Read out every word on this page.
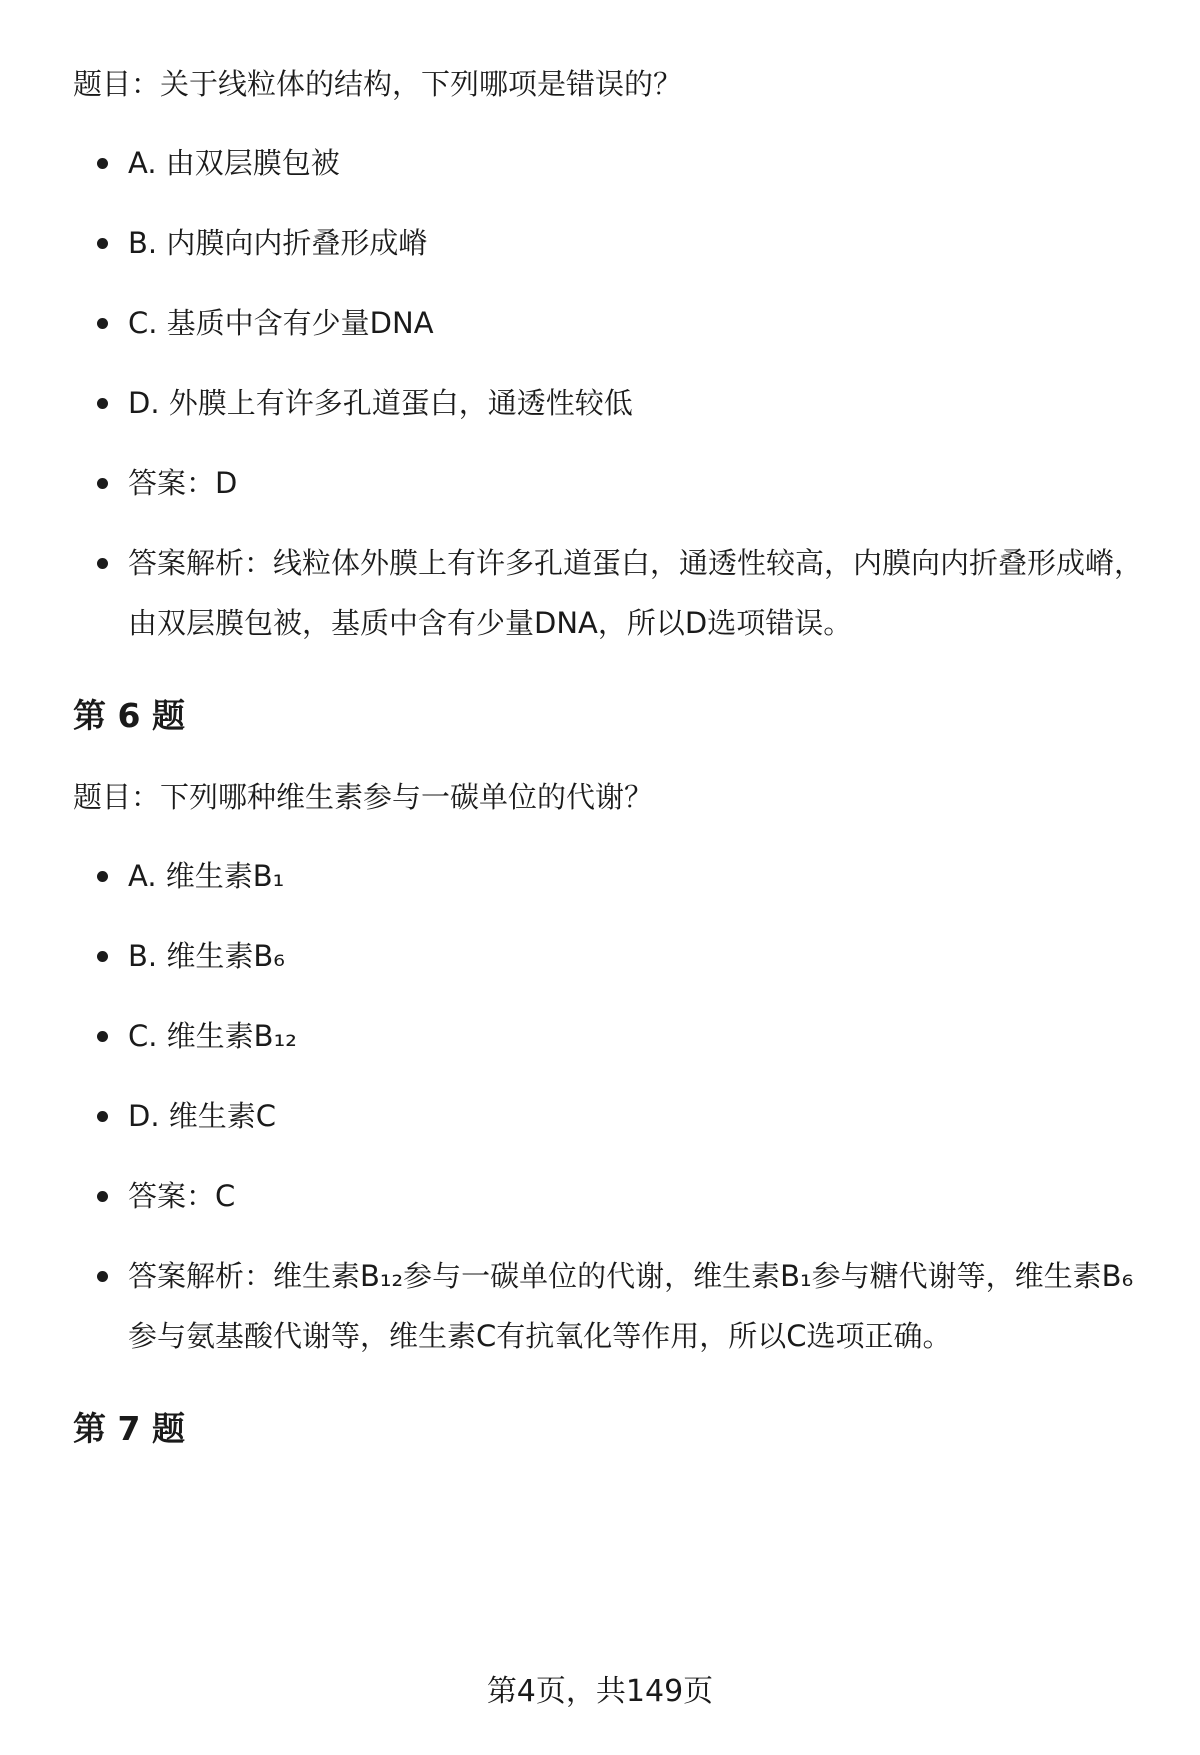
题目：关于线粒体的结构，下列哪项是错误的？

A. 由双层膜包被
B. 内膜向内折叠形成嵴
C. 基质中含有少量DNA
D. 外膜上有许多孔道蛋白，通透性较低
答案：D
答案解析：线粒体外膜上有许多孔道蛋白，通透性较高，内膜向内折叠形成嵴，由双层膜包被，基质中含有少量DNA，所以D选项错误。
第 6 题

题目：下列哪种维生素参与一碳单位的代谢？

A. 维生素B₁
B. 维生素B₆
C. 维生素B₁₂
D. 维生素C
答案：C
答案解析：维生素B₁₂参与一碳单位的代谢，维生素B₁参与糖代谢等，维生素B₆参与氨基酸代谢等，维生素C有抗氧化等作用，所以C选项正确。
第 7 题
第4页，共149页
